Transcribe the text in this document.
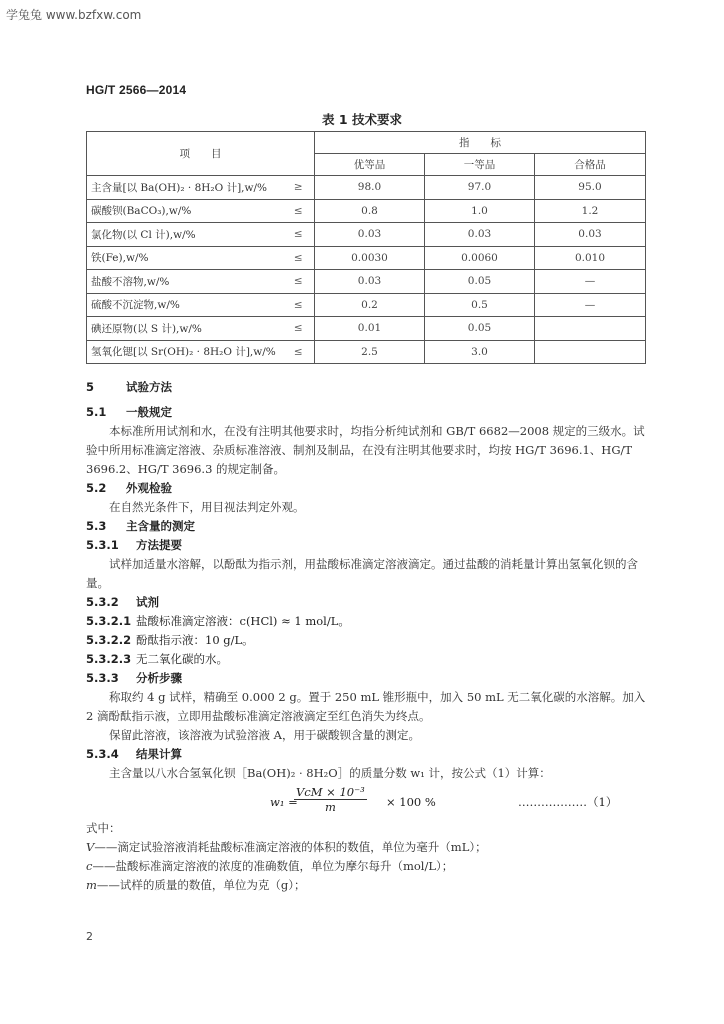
学兔兔 www.bzfxw.com
HG/T 2566—2014
表 1 技术要求
项　　目		指　　标		
		优等品	一等品	合格品
主含量[以 Ba(OH)₂ · 8H₂O 计],w/%	≥	98.0	97.0	95.0
碳酸钡(BaCO₃),w/%	≤	0.8	1.0	1.2
氯化物(以 Cl 计),w/%	≤	0.03	0.03	0.03
铁(Fe),w/%	≤	0.0030	0.0060	0.010
盐酸不溶物,w/%	≤	0.03	0.05	—
硫酸不沉淀物,w/%	≤	0.2	0.5	—
碘还原物(以 S 计),w/%	≤	0.01	0.05	
氢氧化锶[以 Sr(OH)₂ · 8H₂O 计],w/%	≤	2.5	3.0	
5	试验方法
5.1 一般规定

本标准所用试剂和水，在没有注明其他要求时，均指分析纯试剂和 GB/T 6682—2008 规定的三级水。试验中所用标准滴定溶液、杂质标准溶液、制剂及制品，在没有注明其他要求时，均按 HG/T 3696.1、HG/T 3696.2、HG/T 3696.3 的规定制备。

5.2 外观检验

在自然光条件下，用目视法判定外观。

5.3 主含量的测定
5.3.1 方法提要

试样加适量水溶解，以酚酞为指示剂，用盐酸标准滴定溶液滴定。通过盐酸的消耗量计算出氢氧化钡的含量。

5.3.2 试剂
5.3.2.1 盐酸标准滴定溶液：c(HCl) ≈ 1 mol/L。
5.3.2.2 酚酞指示液：10 g/L。
5.3.2.3 无二氧化碳的水。
5.3.3 分析步骤

称取约 4 g 试样，精确至 0.000 2 g。置于 250 mL 锥形瓶中，加入 50 mL 无二氧化碳的水溶解。加入 2 滴酚酞指示液，立即用盐酸标准滴定溶液滴定至红色消失为终点。

保留此溶液，该溶液为试验溶液 A，用于碳酸钡含量的测定。

5.3.4 结果计算

主含量以八水合氢氧化钡［Ba(OH)₂ · 8H₂O］的质量分数 w₁ 计，按公式（1）计算：

w₁ =
VcM × 10⁻³
m	× 100 %	………………（1）

式中：

V——滴定试验溶液消耗盐酸标准滴定溶液的体积的数值，单位为毫升（mL）；

c——盐酸标准滴定溶液的浓度的准确数值，单位为摩尔每升（mol/L）；

m——试样的质量的数值，单位为克（g）；

2
